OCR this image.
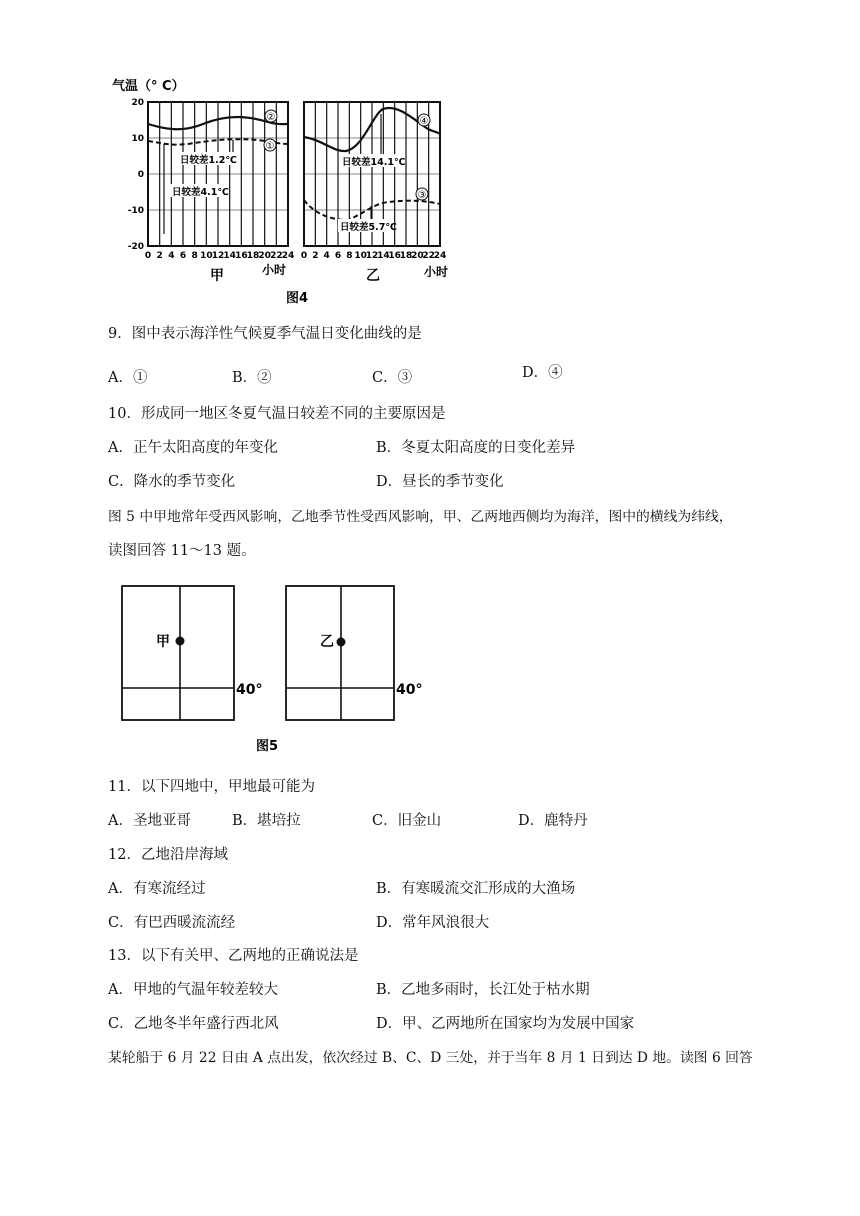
气温（° C）
20
10
0
-10
-20
②
①
日较差1.2℃
日较差4.1℃
④
③
日较差14.1℃
日较差5.7℃
0 2 4 6 8 10 12 14 16 18 20 22 24 0 2 4 6 8 10
12
14
16
18
20
22
24
甲	小时	乙	小时
图4
9．图中表示海洋性气候夏季气温日变化曲线的是
A．①	B．②	C．③	D．④
10．形成同一地区冬夏气温日较差不同的主要原因是
A．正午太阳高度的年变化	B．冬夏太阳高度的日变化差异
C．降水的季节变化	D．昼长的季节变化
图 5 中甲地常年受西风影响，乙地季节性受西风影响，甲、乙两地西侧均为海洋，图中的横线为纬线，
读图回答 11～13 题。
甲
40°
乙
40°
图5
11．以下四地中，甲地最可能为
A．圣地亚哥	B．堪培拉	C．旧金山	D．鹿特丹
12．乙地沿岸海域
A．有寒流经过	B．有寒暖流交汇形成的大渔场
C．有巴西暖流流经	D．常年风浪很大
13．以下有关甲、乙两地的正确说法是
A．甲地的气温年较差较大	B．乙地多雨时，长江处于枯水期
C．乙地冬半年盛行西北风	D．甲、乙两地所在国家均为发展中国家
某轮船于 6 月 22 日由 A 点出发，依次经过 B、C、D 三处，并于当年 8 月 1 日到达 D 地。读图 6 回答
